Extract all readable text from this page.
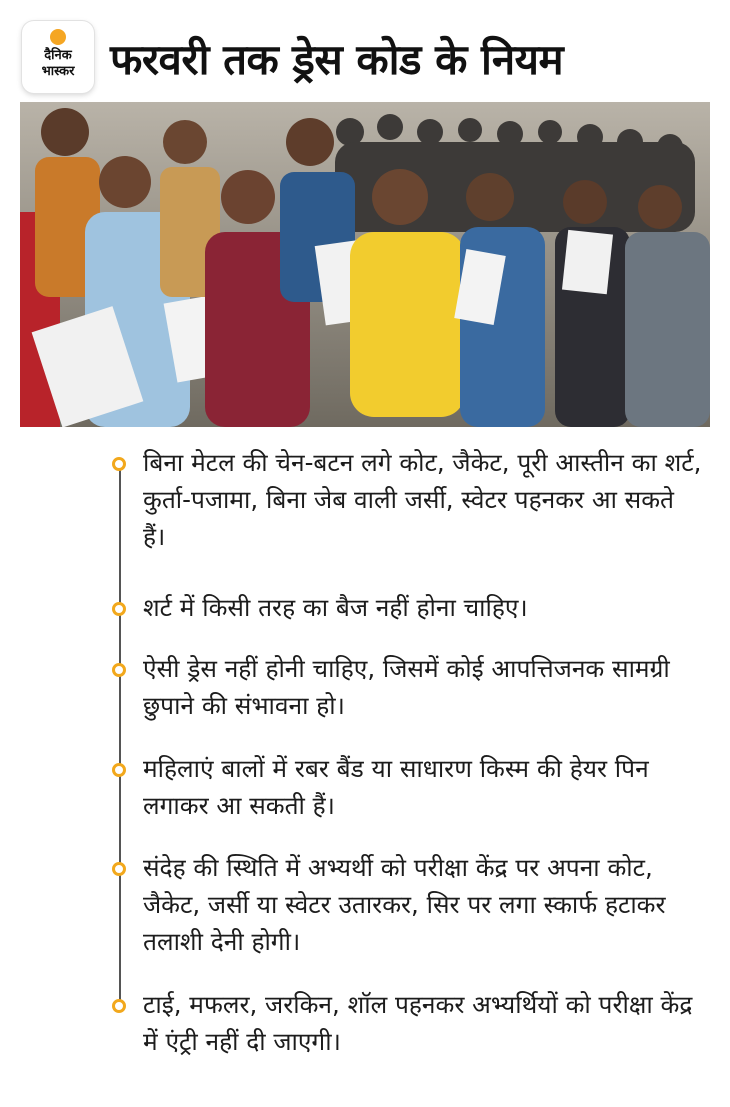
दैनिक
भास्कर फरवरी तक ड्रेस कोड के नियम
बिना मेटल की चेन-बटन लगे कोट, जैकेट, पूरी आस्तीन का शर्ट, कुर्ता-पजामा, बिना जेब वाली जर्सी, स्वेटर पहनकर आ सकते हैं।
शर्ट में किसी तरह का बैज नहीं होना चाहिए।
ऐसी ड्रेस नहीं होनी चाहिए, जिसमें कोई आपत्तिजनक सामग्री छुपाने की संभावना हो।
महिलाएं बालों में रबर बैंड या साधारण किस्म की हेयर पिन लगाकर आ सकती हैं।
संदेह की स्थिति में अभ्यर्थी को परीक्षा केंद्र पर अपना कोट, जैकेट, जर्सी या स्वेटर उतारकर, सिर पर लगा स्कार्फ हटाकर तलाशी देनी होगी।
टाई, मफलर, जरकिन, शॉल पहनकर अभ्यर्थियों को परीक्षा केंद्र में एंट्री नहीं दी जाएगी।
